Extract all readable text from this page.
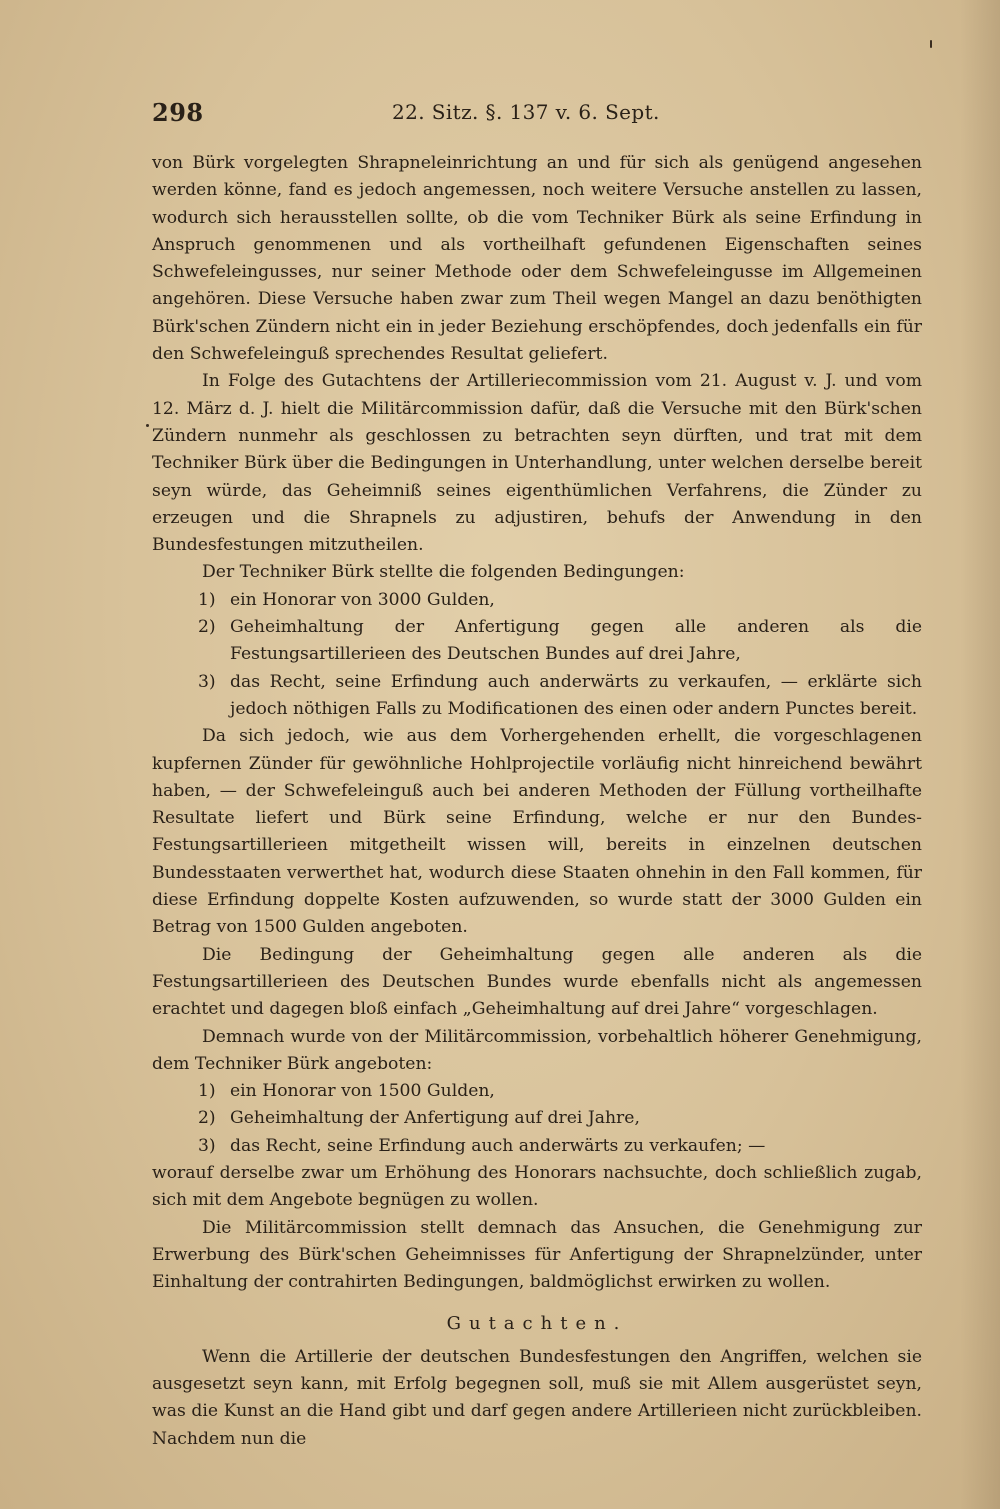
298	22. Sitz. §. 137 v. 6. Sept.

von Bürk vorgelegten Shrapneleinrichtung an und für sich als genügend angesehen werden könne, fand es jedoch angemessen, noch weitere Versuche anstellen zu lassen, wodurch sich herausstellen sollte, ob die vom Techniker Bürk als seine Erfindung in Anspruch genommenen und als vortheilhaft gefundenen Eigenschaften seines Schwefeleingusses, nur seiner Methode oder dem Schwefeleingusse im Allgemeinen angehören. Diese Versuche haben zwar zum Theil wegen Mangel an dazu benöthigten Bürk'schen Zündern nicht ein in jeder Beziehung erschöpfendes, doch jedenfalls ein für den Schwefeleinguß sprechendes Resultat geliefert.

In Folge des Gutachtens der Artilleriecommission vom 21. August v. J. und vom 12. März d. J. hielt die Militärcommission dafür, daß die Versuche mit den Bürk'schen Zündern nunmehr als geschlossen zu betrachten seyn dürften, und trat mit dem Techniker Bürk über die Bedingungen in Unterhandlung, unter welchen derselbe bereit seyn würde, das Geheimniß seines eigenthümlichen Verfahrens, die Zünder zu erzeugen und die Shrapnels zu adjustiren, behufs der Anwendung in den Bundesfestungen mitzutheilen.

Der Techniker Bürk stellte die folgenden Bedingungen:

1) ein Honorar von 3000 Gulden,

2) Geheimhaltung der Anfertigung gegen alle anderen als die Festungsartillerieen des Deutschen Bundes auf drei Jahre,

3) das Recht, seine Erfindung auch anderwärts zu verkaufen, — erklärte sich jedoch nöthigen Falls zu Modificationen des einen oder andern Punctes bereit.

Da sich jedoch, wie aus dem Vorhergehenden erhellt, die vorgeschlagenen kupfernen Zünder für gewöhnliche Hohlprojectile vorläufig nicht hinreichend bewährt haben, — der Schwefeleinguß auch bei anderen Methoden der Füllung vortheilhafte Resultate liefert und Bürk seine Erfindung, welche er nur den Bundes-Festungsartillerieen mitgetheilt wissen will, bereits in einzelnen deutschen Bundesstaaten verwerthet hat, wodurch diese Staaten ohnehin in den Fall kommen, für diese Erfindung doppelte Kosten aufzuwenden, so wurde statt der 3000 Gulden ein Betrag von 1500 Gulden angeboten.

Die Bedingung der Geheimhaltung gegen alle anderen als die Festungsartillerieen des Deutschen Bundes wurde ebenfalls nicht als angemessen erachtet und dagegen bloß einfach „Geheimhaltung auf drei Jahre“ vorgeschlagen.

Demnach wurde von der Militärcommission, vorbehaltlich höherer Genehmigung, dem Techniker Bürk angeboten:

1) ein Honorar von 1500 Gulden,

2) Geheimhaltung der Anfertigung auf drei Jahre,

3) das Recht, seine Erfindung auch anderwärts zu verkaufen; —

worauf derselbe zwar um Erhöhung des Honorars nachsuchte, doch schließlich zugab, sich mit dem Angebote begnügen zu wollen.

Die Militärcommission stellt demnach das Ansuchen, die Genehmigung zur Erwerbung des Bürk'schen Geheimnisses für Anfertigung der Shrapnelzünder, unter Einhaltung der contrahirten Bedingungen, baldmöglichst erwirken zu wollen.

Gutachten.

Wenn die Artillerie der deutschen Bundesfestungen den Angriffen, welchen sie ausgesetzt seyn kann, mit Erfolg begegnen soll, muß sie mit Allem ausgerüstet seyn, was die Kunst an die Hand gibt und darf gegen andere Artillerieen nicht zurückbleiben. Nachdem nun die
